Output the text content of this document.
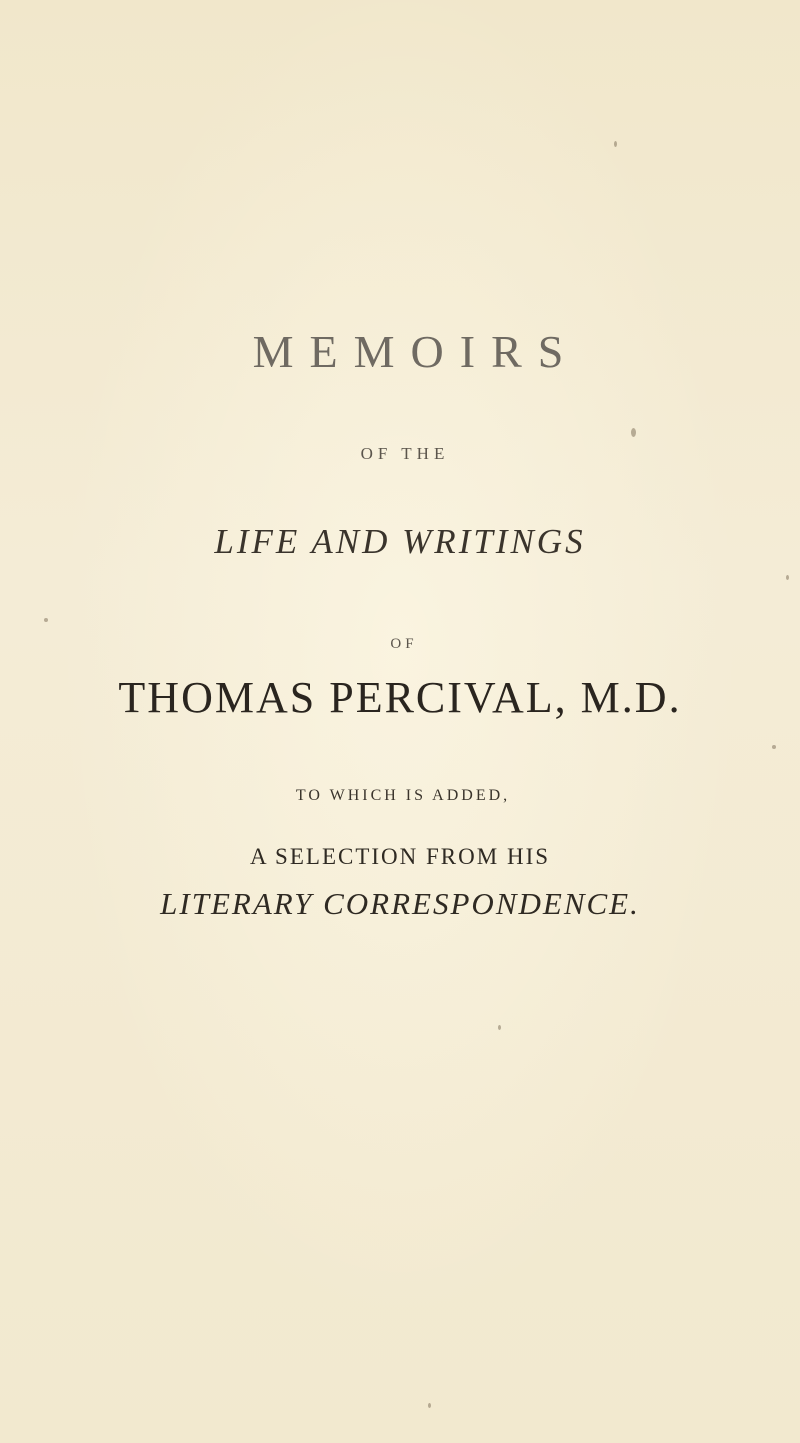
MEMOIRS
OF THE
LIFE AND WRITINGS
OF
THOMAS PERCIVAL, M.D.
TO WHICH IS ADDED,
A SELECTION FROM HIS
LITERARY CORRESPONDENCE.
